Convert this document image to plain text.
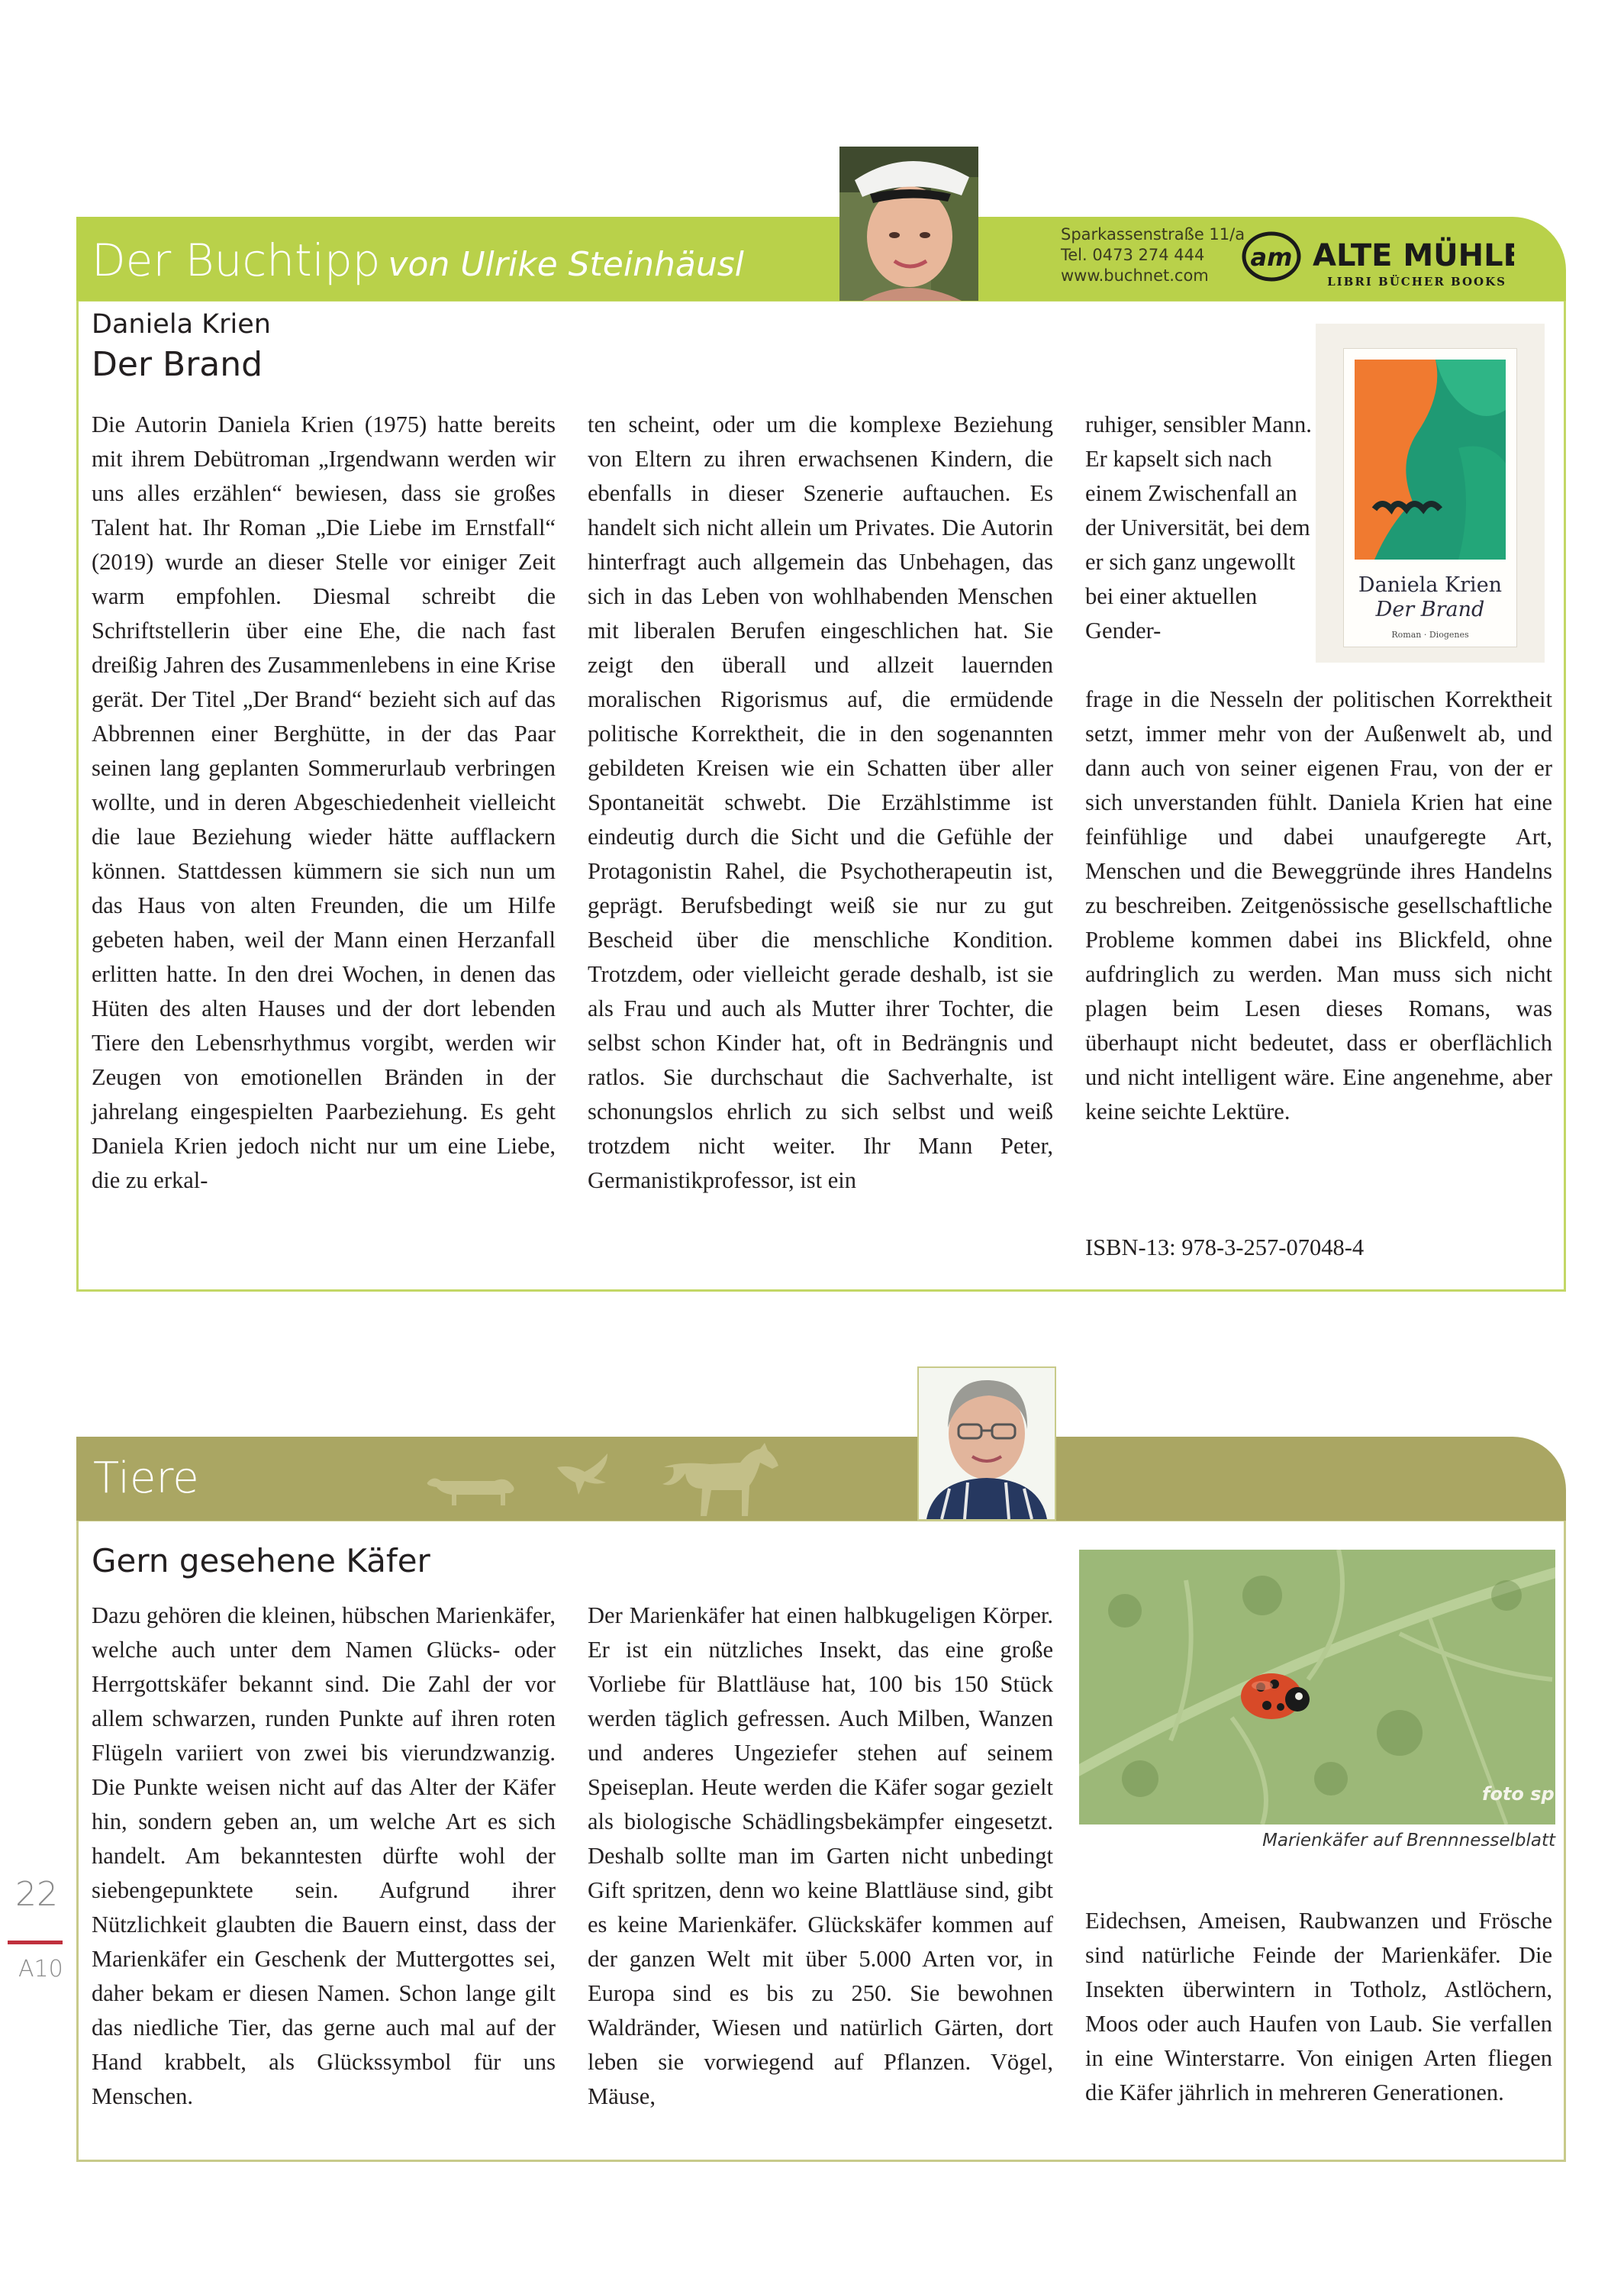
Der Buchtipp von Ulrike Steinhäusl
Sparkassenstraße 11/a
Tel. 0473 274 444
www.buchnet.com
am ALTE MÜHLE
LIBRI BÜCHER BOOKS
Daniela Krien
Der Brand

Die Autorin Daniela Krien (1975) hatte bereits mit ihrem Debütroman „Irgendwann werden wir uns alles erzählen“ bewiesen, dass sie großes Talent hat. Ihr Roman „Die Liebe im Ernstfall“ (2019) wurde an dieser Stelle vor einiger Zeit warm empfohlen. Diesmal schreibt die Schriftstellerin über eine Ehe, die nach fast dreißig Jahren des Zusammenlebens in eine Krise gerät. Der Titel „Der Brand“ bezieht sich auf das Abbrennen einer Berghütte, in der das Paar seinen lang geplanten Sommerurlaub verbringen wollte, und in deren Abgeschiedenheit vielleicht die laue Beziehung wieder hätte aufflackern können. Stattdessen kümmern sie sich nun um das Haus von alten Freunden, die um Hilfe gebeten haben, weil der Mann einen Herzanfall erlitten hatte. In den drei Wochen, in denen das Hüten des alten Hauses und der dort lebenden Tiere den Lebensrhythmus vorgibt, werden wir Zeugen von emotionellen Bränden in der jahrelang eingespielten Paarbeziehung. Es geht Daniela Krien jedoch nicht nur um eine Liebe, die zu erkal-

ten scheint, oder um die komplexe Beziehung von Eltern zu ihren erwachsenen Kindern, die ebenfalls in dieser Szenerie auftauchen. Es handelt sich nicht allein um Privates. Die Autorin hinterfragt auch allgemein das Unbehagen, das sich in das Leben von wohlhabenden Menschen mit liberalen Berufen eingeschlichen hat. Sie zeigt den überall und allzeit lauernden moralischen Rigorismus auf, die ermüdende politische Korrektheit, die in den sogenannten gebildeten Kreisen wie ein Schatten über aller Spontaneität schwebt. Die Erzählstimme ist eindeutig durch die Sicht und die Gefühle der Protagonistin Rahel, die Psychotherapeutin ist, geprägt. Berufsbedingt weiß sie nur zu gut Bescheid über die menschliche Kondition. Trotzdem, oder vielleicht gerade deshalb, ist sie als Frau und auch als Mutter ihrer Tochter, die selbst schon Kinder hat, oft in Bedrängnis und ratlos. Sie durchschaut die Sachverhalte, ist schonungslos ehrlich zu sich selbst und weiß trotzdem nicht weiter. Ihr Mann Peter, Germanistikprofessor, ist ein

ruhiger, sensibler Mann. Er kapselt sich nach einem Zwischenfall an der Universität, bei dem er sich ganz ungewollt bei einer aktuellen Gender-

frage in die Nesseln der politischen Korrektheit setzt, immer mehr von der Außenwelt ab, und dann auch von seiner eigenen Frau, von der er sich unverstanden fühlt. Daniela Krien hat eine feinfühlige und dabei unaufgeregte Art, Menschen und die Beweggründe ihres Handelns zu beschreiben. Zeitgenössische gesellschaftliche Probleme kommen dabei ins Blickfeld, ohne aufdringlich zu werden. Man muss sich nicht plagen beim Lesen dieses Romans, was überhaupt nicht bedeutet, dass er oberflächlich und nicht intelligent wäre. Eine angenehme, aber keine seichte Lektüre.

ISBN-13: 978-3-257-07048-4
Daniela Krien
Der Brand
Roman · Diogenes
Tiere
Gern gesehene Käfer

Dazu gehören die kleinen, hübschen Marienkäfer, welche auch unter dem Namen Glücks- oder Herrgottskäfer bekannt sind. Die Zahl der vor allem schwarzen, runden Punkte auf ihren roten Flügeln variiert von zwei bis vierundzwanzig. Die Punkte weisen nicht auf das Alter der Käfer hin, sondern geben an, um welche Art es sich handelt. Am bekanntesten dürfte wohl der siebengepunktete sein. Aufgrund ihrer Nützlichkeit glaubten die Bauern einst, dass der Marienkäfer ein Geschenk der Muttergottes sei, daher bekam er diesen Namen. Schon lange gilt das niedliche Tier, das gerne auch mal auf der Hand krabbelt, als Glückssymbol für uns Menschen.

Der Marienkäfer hat einen halbkugeligen Körper. Er ist ein nützliches Insekt, das eine große Vorliebe für Blattläuse hat, 100 bis 150 Stück werden täglich gefressen. Auch Milben, Wanzen und anderes Ungeziefer stehen auf seinem Speiseplan. Heute werden die Käfer sogar gezielt als biologische Schädlingsbekämpfer eingesetzt. Deshalb sollte man im Garten nicht unbedingt Gift spritzen, denn wo keine Blattläuse sind, gibt es keine Marienkäfer. Glückskäfer kommen auf der ganzen Welt mit über 5.000 Arten vor, in Europa sind es bis zu 250. Sie bewohnen Waldränder, Wiesen und natürlich Gärten, dort leben sie vorwiegend auf Pflanzen. Vögel, Mäuse,

Eidechsen, Ameisen, Raubwanzen und Frösche sind natürliche Feinde der Marienkäfer. Die Insekten überwintern in Totholz, Astlöchern, Moos oder auch Haufen von Laub. Sie verfallen in eine Winterstarre. Von einigen Arten fliegen die Käfer jährlich in mehreren Generationen.

foto sp
Marienkäfer auf Brennnesselblatt
22
A10
